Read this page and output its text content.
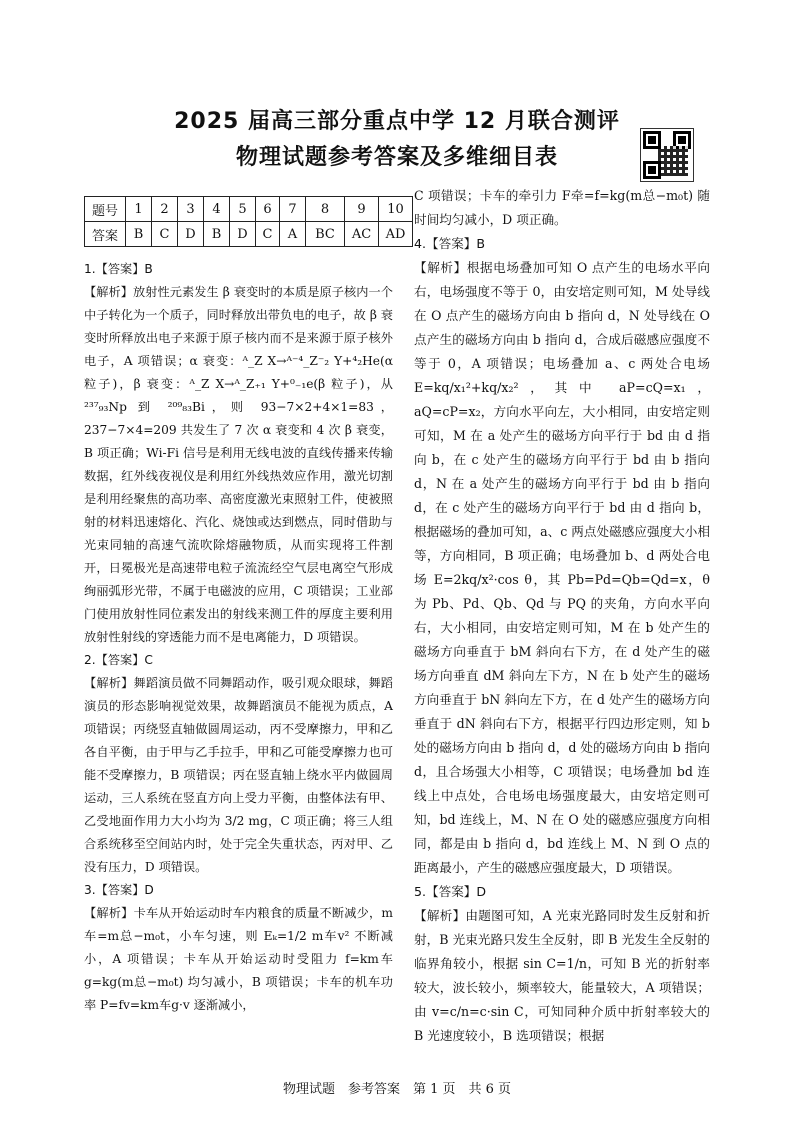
2025 届高三部分重点中学 12 月联合测评
物理试题参考答案及多维细目表
题号	1	2	3	4	5	6	7	8	9	10
答案	B	C	D	B	D	C	A	BC	AC	AD

1.【答案】B

【解析】放射性元素发生 β 衰变时的本质是原子核内一个中子转化为一个质子，同时释放出带负电的电子，故 β 衰变时所释放出电子来源于原子核内而不是来源于原子核外电子，A 项错误；α 衰变：ᴬ_Z X→ᴬ⁻⁴_Z⁻₂ Y+⁴₂He(α 粒子)，β 衰变：ᴬ_Z X→ᴬ_Z₊₁ Y+⁰₋₁e(β 粒子)，从 ²³⁷₉₃Np 到 ²⁰⁹₈₃Bi，则 93−7×2+4×1=83，237−7×4=209 共发生了 7 次 α 衰变和 4 次 β 衰变，B 项正确；Wi-Fi 信号是利用无线电波的直线传播来传输数据，红外线夜视仪是利用红外线热效应作用，激光切割是利用经聚焦的高功率、高密度激光束照射工件，使被照射的材料迅速熔化、汽化、烧蚀或达到燃点，同时借助与光束同轴的高速气流吹除熔融物质，从而实现将工件割开，日冕极光是高速带电粒子流流经空气层电离空气形成绚丽弧形光带，不属于电磁波的应用，C 项错误；工业部门使用放射性同位素发出的射线来测工件的厚度主要利用放射性射线的穿透能力而不是电离能力，D 项错误。

2.【答案】C

【解析】舞蹈演员做不同舞蹈动作，吸引观众眼球，舞蹈演员的形态影响视觉效果，故舞蹈演员不能视为质点，A 项错误；丙绕竖直轴做圆周运动，丙不受摩擦力，甲和乙各自平衡，由于甲与乙手拉手，甲和乙可能受摩擦力也可能不受摩擦力，B 项错误；丙在竖直轴上绕水平内做圆周运动，三人系统在竖直方向上受力平衡，由整体法有甲、乙受地面作用力大小均为 3/2 mg，C 项正确；将三人组合系统移至空间站内时，处于完全失重状态，丙对甲、乙没有压力，D 项错误。

3.【答案】D

【解析】卡车从开始运动时车内粮食的质量不断减少，m车=m总−m₀t，小车匀速，则 Eₖ=1/2 m车v² 不断减小，A 项错误；卡车从开始运动时受阻力 f=km车g=kg(m总−m₀t) 均匀减小，B 项错误；卡车的机车功率 P=fv=km车g·v 逐渐减小，

C 项错误；卡车的牵引力 F牵=f=kg(m总−m₀t) 随时间均匀减小，D 项正确。

4.【答案】B

【解析】根据电场叠加可知 O 点产生的电场水平向右，电场强度不等于 0，由安培定则可知，M 处导线在 O 点产生的磁场方向由 b 指向 d，N 处导线在 O 点产生的磁场方向由 b 指向 d，合成后磁感应强度不等于 0，A 项错误；电场叠加 a、c 两处合电场 E=kq/x₁²+kq/x₂²，其中 aP=cQ=x₁，aQ=cP=x₂，方向水平向左，大小相同，由安培定则可知，M 在 a 处产生的磁场方向平行于 bd 由 d 指向 b，在 c 处产生的磁场方向平行于 bd 由 b 指向 d，N 在 a 处产生的磁场方向平行于 bd 由 b 指向 d，在 c 处产生的磁场方向平行于 bd 由 d 指向 b，根据磁场的叠加可知，a、c 两点处磁感应强度大小相等，方向相同，B 项正确；电场叠加 b、d 两处合电场 E=2kq/x²·cos θ，其 Pb=Pd=Qb=Qd=x，θ 为 Pb、Pd、Qb、Qd 与 PQ 的夹角，方向水平向右，大小相同，由安培定则可知，M 在 b 处产生的磁场方向垂直于 bM 斜向右下方，在 d 处产生的磁场方向垂直 dM 斜向左下方，N 在 b 处产生的磁场方向垂直于 bN 斜向左下方，在 d 处产生的磁场方向垂直于 dN 斜向右下方，根据平行四边形定则，知 b 处的磁场方向由 b 指向 d，d 处的磁场方向由 b 指向 d，且合场强大小相等，C 项错误；电场叠加 bd 连线上中点处，合电场电场强度最大，由安培定则可知，bd 连线上，M、N 在 O 处的磁感应强度方向相同，都是由 b 指向 d，bd 连线上 M、N 到 O 点的距离最小，产生的磁感应强度最大，D 项错误。

5.【答案】D

【解析】由题图可知，A 光束光路同时发生反射和折射，B 光束光路只发生全反射，即 B 光发生全反射的临界角较小，根据 sin C=1/n，可知 B 光的折射率较大，波长较小，频率较大，能量较大，A 项错误；由 v=c/n=c·sin C，可知同种介质中折射率较大的 B 光速度较小，B 选项错误；根据

物理试题　参考答案　第 1 页　共 6 页
